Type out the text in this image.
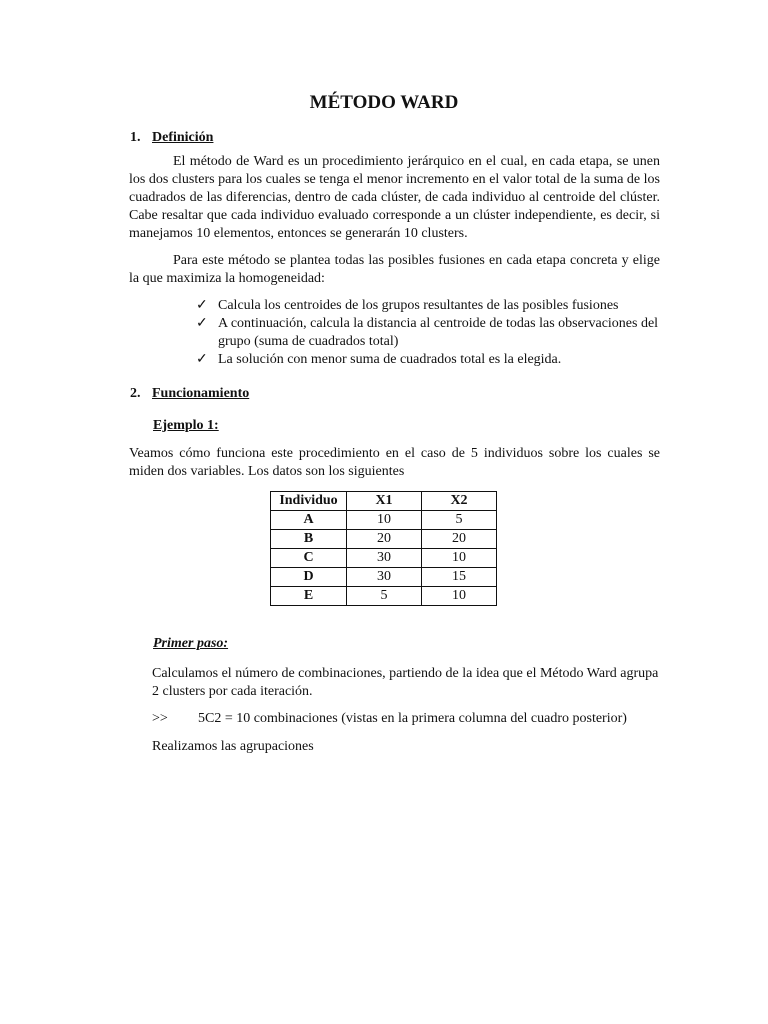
MÉTODO WARD

1. Definición

El método de Ward es un procedimiento jerárquico en el cual, en cada etapa, se unen los dos clusters para los cuales se tenga el menor incremento en el valor total de la suma de los cuadrados de las diferencias, dentro de cada clúster, de cada individuo al centroide del clúster. Cabe resaltar que cada individuo evaluado corresponde a un clúster independiente, es decir, si manejamos 10 elementos, entonces se generarán 10 clusters.

Para este método se plantea todas las posibles fusiones en cada etapa concreta y elige la que maximiza la homogeneidad:

✓ Calcula los centroides de los grupos resultantes de las posibles fusiones
✓ A continuación, calcula la distancia al centroide de todas las observaciones del grupo (suma de cuadrados total)
✓ La solución con menor suma de cuadrados total es la elegida.

2. Funcionamiento

Ejemplo 1:

Veamos cómo funciona este procedimiento en el caso de 5 individuos sobre los cuales se miden dos variables. Los datos son los siguientes

Individuo	X1	X2
A	10	5
B	20	20
C	30	10
D	30	15
E	5	10

Primer paso:

Calculamos el número de combinaciones, partiendo de la idea que el Método Ward agrupa 2 clusters por cada iteración.

>> 5C2 = 10 combinaciones (vistas en la primera columna del cuadro posterior)

Realizamos las agrupaciones
